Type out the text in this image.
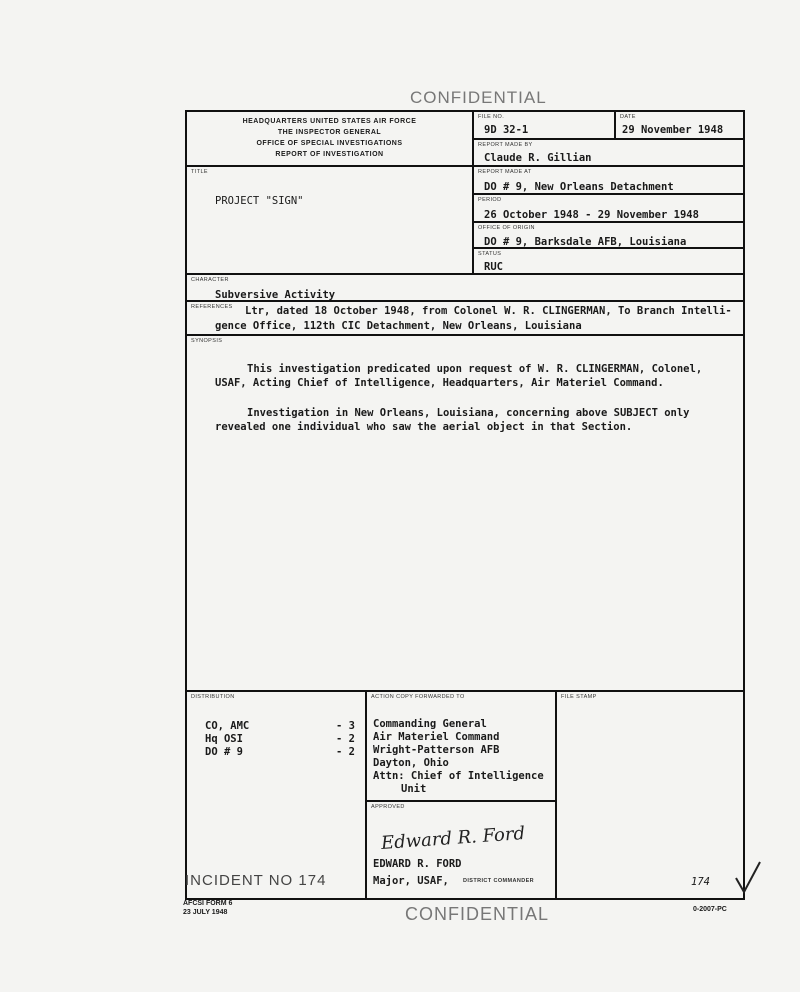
CONFIDENTIAL
HEADQUARTERS UNITED STATES AIR FORCE
THE INSPECTOR GENERAL
OFFICE OF SPECIAL INVESTIGATIONS
REPORT OF INVESTIGATION
FILE NO.
9D 32-1
DATE
29 November 1948
REPORT MADE BY
Claude R. Gillian
TITLE
PROJECT "SIGN"
REPORT MADE AT
DO # 9, New Orleans Detachment
PERIOD
26 October 1948 - 29 November 1948
OFFICE OF ORIGIN
DO # 9, Barksdale AFB, Louisiana
STATUS
RUC
CHARACTER
Subversive Activity
REFERENCES Ltr, dated 18 October 1948, from Colonel W. R. CLINGERMAN, To Branch Intelli-
gence Office, 112th CIC Detachment, New Orleans, Louisiana
SYNOPSIS
This investigation predicated upon request of W. R. CLINGERMAN, Colonel,
USAF, Acting Chief of Intelligence, Headquarters, Air Materiel Command.
Investigation in New Orleans, Louisiana, concerning above SUBJECT only
revealed one individual who saw the aerial object in that Section.
DISTRIBUTION
CO, AMC	- 3
Hq OSI	- 2
DO # 9	- 2
ACTION COPY FORWARDED TO
Commanding General
Air Materiel Command
Wright-Patterson AFB
Dayton, Ohio
Attn: Chief of Intelligence
Unit
APPROVED
Edward R. Ford
EDWARD R. FORD
Major, USAF,	DISTRICT COMMANDER
FILE STAMP
174
INCIDENT NO 174
AFCSI FORM 6
23 JULY 1948	CONFIDENTIAL	0-2007-PC
